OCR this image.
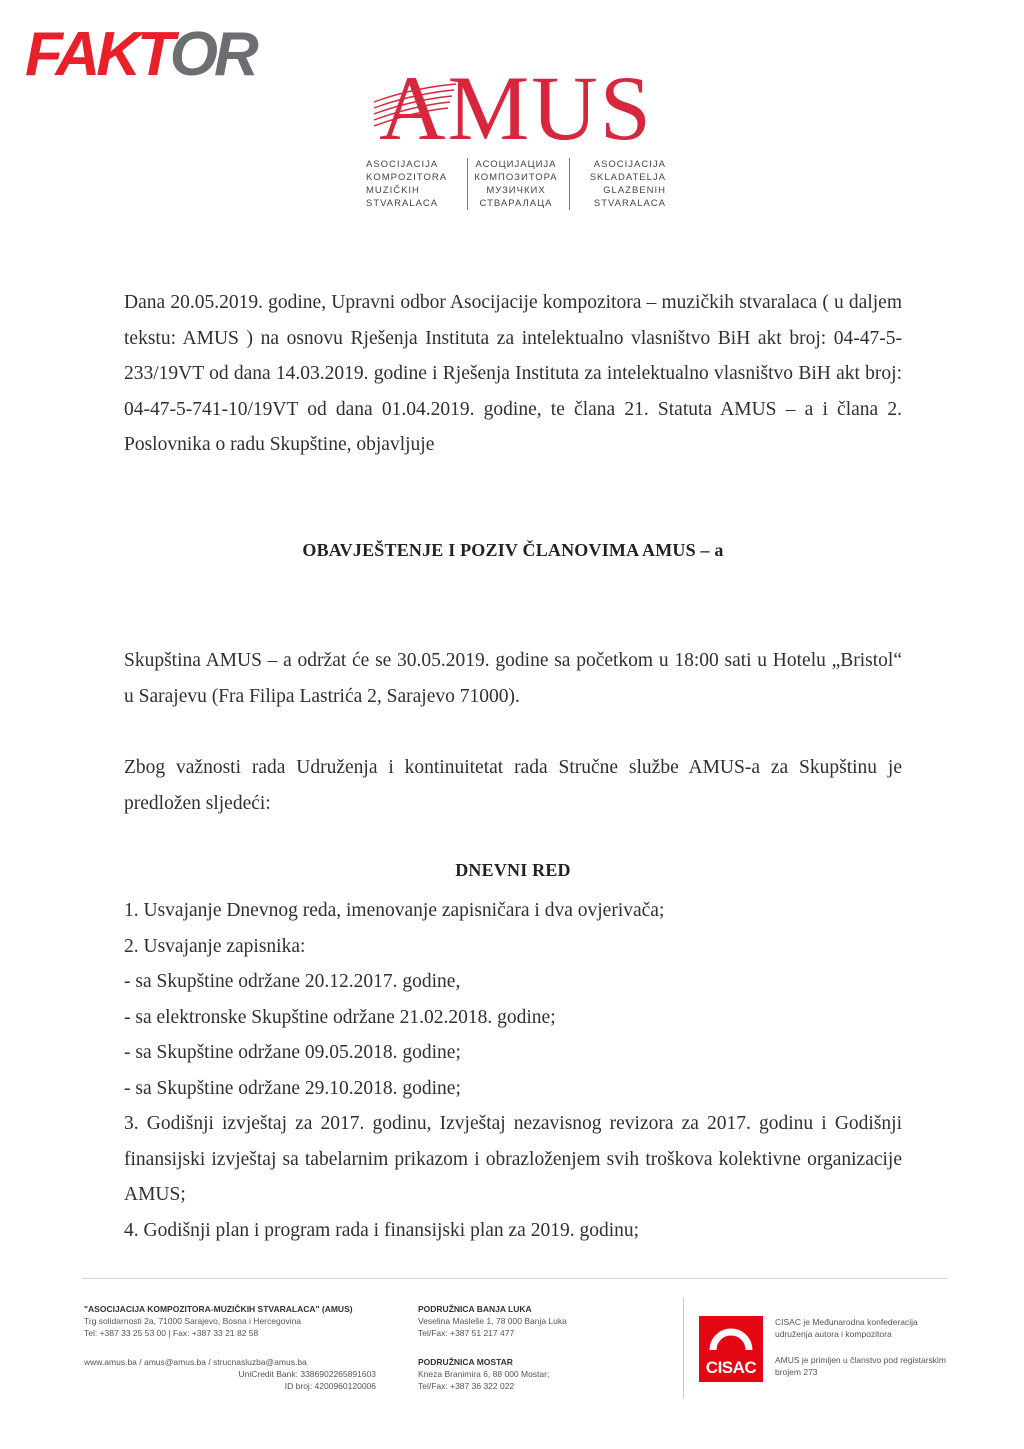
FAKTOR
AMUS
ASOCIJACIJA
KOMPOZITORA
MUZIČKIH
STVARALACA
АСОЦИЈАЦИЈА
КОМПОЗИТОРА
МУЗИЧКИХ
СТВАРАЛАЦА
ASOCIJACIJA
SKLADATELJA
GLAZBENIH
STVARALACA
Dana 20.05.2019. godine, Upravni odbor Asocijacije kompozitora – muzičkih stvaralaca ( u daljem tekstu: AMUS ) na osnovu Rješenja Instituta za intelektualno vlasništvo BiH akt broj: 04-47-5-233/19VT od dana 14.03.2019. godine i Rješenja Instituta za intelektualno vlasništvo BiH akt broj: 04-47-5-741-10/19VT od dana 01.04.2019. godine, te člana 21. Statuta AMUS – a i člana 2. Poslovnika o radu Skupštine, objavljuje
OBAVJEŠTENJE I POZIV ČLANOVIMA AMUS – a
Skupština AMUS – a održat će se 30.05.2019. godine sa početkom u 18:00 sati u Hotelu „Bristol“ u Sarajevu (Fra Filipa Lastrića 2, Sarajevo 71000).
Zbog važnosti rada Udruženja i kontinuitetat rada Stručne službe AMUS-a za Skupštinu je predložen sljedeći:
DNEVNI RED
1. Usvajanje Dnevnog reda, imenovanje zapisničara i dva ovjerivača;
2. Usvajanje zapisnika:
- sa Skupštine održane 20.12.2017. godine,
- sa elektronske Skupštine održane 21.02.2018. godine;
- sa Skupštine održane 09.05.2018. godine;
- sa Skupštine održane 29.10.2018. godine;
3. Godišnji izvještaj za 2017. godinu, Izvještaj nezavisnog revizora za 2017. godinu i Godišnji finansijski izvještaj sa tabelarnim prikazom i obrazloženjem svih troškova kolektivne organizacije AMUS;
4. Godišnji plan i program rada i finansijski plan za 2019. godinu;
"ASOCIJACIJA KOMPOZITORA-MUZIČKIH STVARALACA" (AMUS)
Trg solidarnosti 2a, 71000 Sarajevo, Bosna i Hercegovina
Tel: +387 33 25 53 00 | Fax: +387 33 21 82 58
www.amus.ba / amus@amus.ba / strucnasluzba@amus.ba
UniCredit Bank: 3386902265891603
ID broj: 4200960120006
PODRUŽNICA BANJA LUKA
Veselina Masleše 1, 78 000 Banja Luka
Tel/Fax: +387 51 217 477
PODRUŽNICA MOSTAR
Kneza Branimira 6, 88 000 Mostar;
Tel/Fax: +387 36 322 022
CISAC
CISAC je Međunarodna konfederacija udruženja autora i kompozitora
AMUS je primljen u članstvo pod registarskim brojem 273
